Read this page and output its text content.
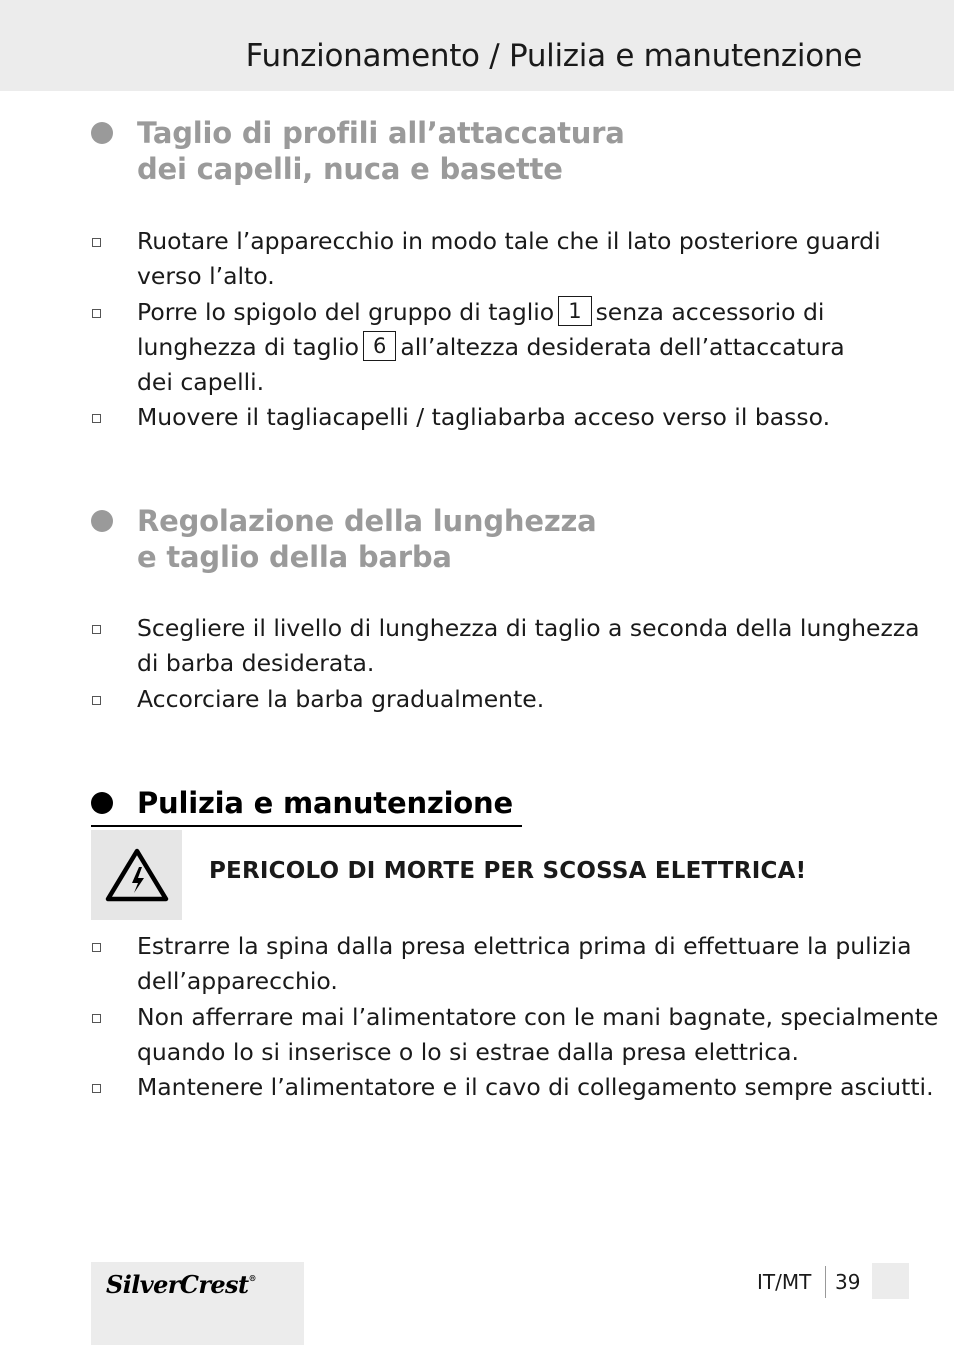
Funzionamento / Pulizia e manutenzione
Taglio di profili all’attaccatura
dei capelli, nuca e basette
Ruotare l’apparecchio in modo tale che il lato posteriore guardi
verso l’alto.
Porre lo spigolo del gruppo di taglio 1 senza accessorio di
lunghezza di taglio 6 all’altezza desiderata dell’attaccatura
dei capelli.
Muovere il tagliacapelli / tagliabarba acceso verso il basso.
Regolazione della lunghezza
e taglio della barba
Scegliere il livello di lunghezza di taglio a seconda della lunghezza
di barba desiderata.
Accorciare la barba gradualmente.
Pulizia e manutenzione
PERICOLO DI MORTE PER SCOSSA ELETTRICA!
Estrarre la spina dalla presa elettrica prima di effettuare la pulizia
dell’apparecchio.
Non afferrare mai l’alimentatore con le mani bagnate, specialmente
quando lo si inserisce o lo si estrae dalla presa elettrica.
Mantenere l’alimentatore e il cavo di collegamento sempre asciutti.
SilverCrest®	IT/MT 39
